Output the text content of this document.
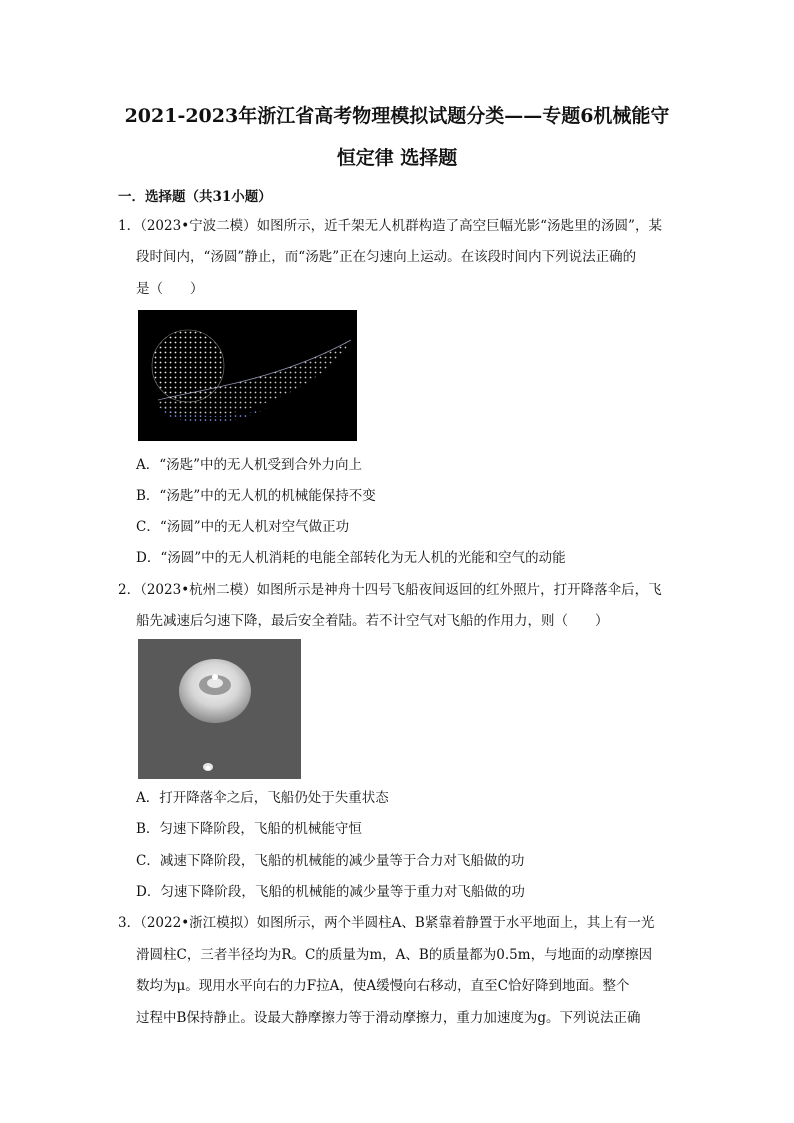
2021-2023年浙江省高考物理模拟试题分类——专题6机械能守
恒定律 选择题
一．选择题（共31小题）
1．（2023•宁波二模）如图所示，近千架无人机群构造了高空巨幅光影“汤匙里的汤圆”，某
段时间内，“汤圆”静止，而“汤匙”正在匀速向上运动。在该段时间内下列说法正确的
是（　　）
A．“汤匙”中的无人机受到合外力向上
B．“汤匙”中的无人机的机械能保持不变
C．“汤圆”中的无人机对空气做正功
D．“汤圆”中的无人机消耗的电能全部转化为无人机的光能和空气的动能
2．（2023•杭州二模）如图所示是神舟十四号飞船夜间返回的红外照片，打开降落伞后，飞
船先减速后匀速下降，最后安全着陆。若不计空气对飞船的作用力，则（　　）
A．打开降落伞之后，飞船仍处于失重状态
B．匀速下降阶段，飞船的机械能守恒
C．减速下降阶段，飞船的机械能的减少量等于合力对飞船做的功
D．匀速下降阶段，飞船的机械能的减少量等于重力对飞船做的功
3．（2022•浙江模拟）如图所示，两个半圆柱A、B紧靠着静置于水平地面上，其上有一光
滑圆柱C，三者半径均为R。C的质量为m，A、B的质量都为0.5m，与地面的动摩擦因
数均为μ。现用水平向右的力F拉A，使A缓慢向右移动，直至C恰好降到地面。整个
过程中B保持静止。设最大静摩擦力等于滑动摩擦力，重力加速度为g。下列说法正确
